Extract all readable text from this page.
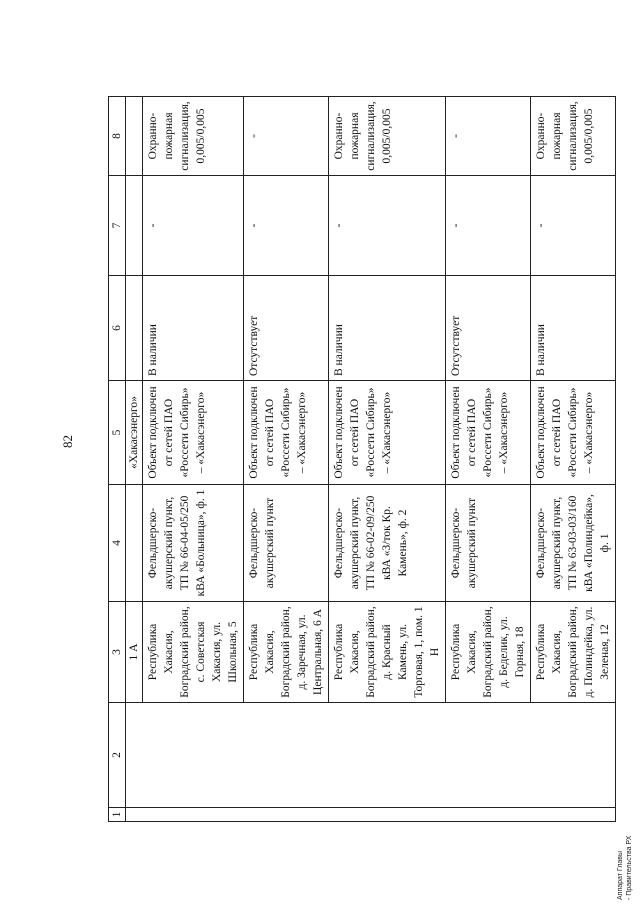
82
1	2	3	4	5	6	7	8
		1 А		«Хакасэнерго»			
		Республика Хакасия, Боградский район, с. Советская Хакасия, ул. Школьная, 5	Фельдшерско-акушерский пункт, ТП № 66-04-05/250 кВА «Больница», ф. 1	Объект подключен от сетей ПАО «Россети Сибирь» – «Хакасэнерго»	В наличии	-	Охранно-пожарная сигнализация, 0,005/0,005
		Республика Хакасия, Боградский район, д. Заречная, ул. Центральная, 6 А	Фельдшерско-акушерский пункт	Объект подключен от сетей ПАО «Россети Сибирь» – «Хакасэнерго»	Отсутствует	-	-
		Республика Хакасия, Боградский район, д. Красный Камень, ул. Торговая, 1, пом. 1 Н	Фельдшерско-акушерский пункт, ТП № 66-02-09/250 кВА «З/ток Кр. Камень», ф. 2	Объект подключен от сетей ПАО «Россети Сибирь» – «Хакасэнерго»	В наличии	-	Охранно-пожарная сигнализация, 0,005/0,005
		Республика Хакасия, Боградский район, д. Беделик, ул. Горная, 18	Фельдшерско-акушерский пункт	Объект подключен от сетей ПАО «Россети Сибирь» – «Хакасэнерго»	Отсутствует	-	-
		Республика Хакасия, Боградский район, д. Полиндейка, ул. Зеленая, 12	Фельдшерско-акушерский пункт, ТП № 63-03-03/160 кВА «Полиндейка», ф. 1	Объект подключен от сетей ПАО «Россети Сибирь» – «Хакасэнерго»	В наличии	-	Охранно-пожарная сигнализация, 0,005/0,005
Аппарат Главы - Правительства РХ
